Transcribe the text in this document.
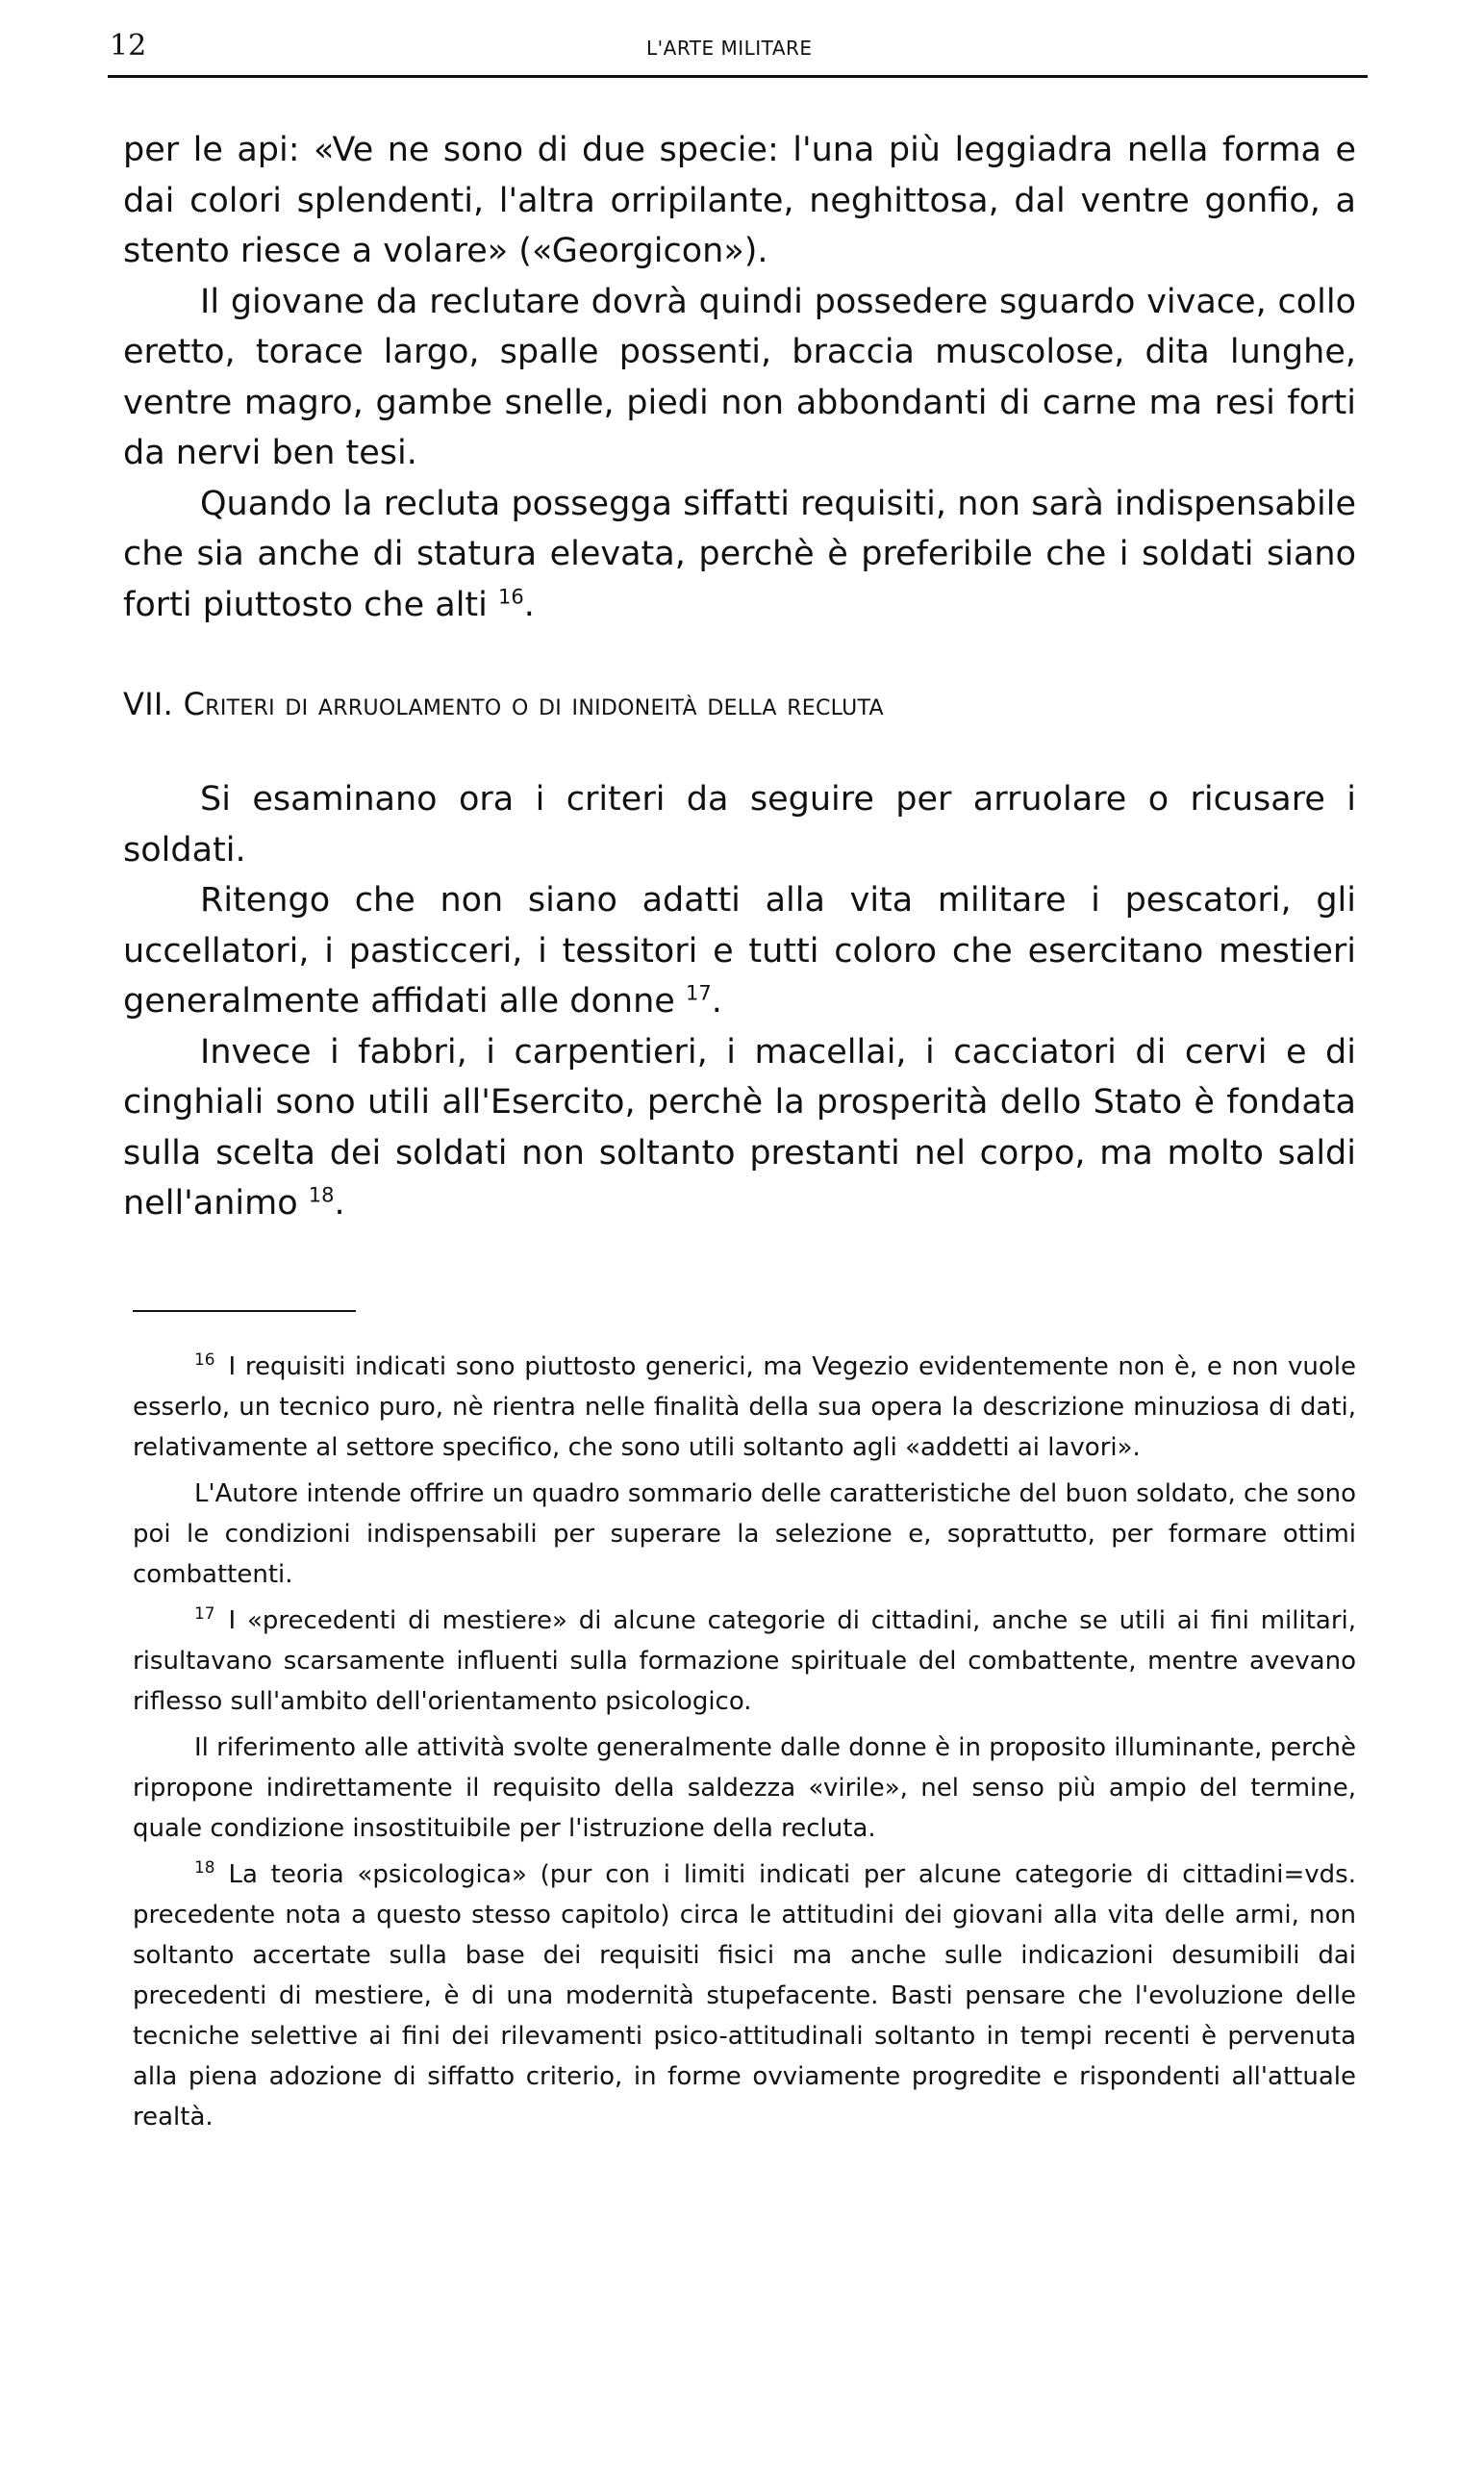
12	L'ARTE MILITARE

per le api: «Ve ne sono di due specie: l'una più leggiadra nella forma e dai colori splendenti, l'altra orripilante, neghittosa, dal ventre gonfio, a stento riesce a volare» («Georgicon»).

Il giovane da reclutare dovrà quindi possedere sguardo vivace, collo eretto, torace largo, spalle possenti, braccia muscolose, dita lunghe, ventre magro, gambe snelle, piedi non abbondanti di carne ma resi forti da nervi ben tesi.

Quando la recluta possegga siffatti requisiti, non sarà indispensabile che sia anche di statura elevata, perchè è preferibile che i soldati siano forti piuttosto che alti $^{16}$.

VII. Criteri di arruolamento o di inidoneità della recluta

Si esaminano ora i criteri da seguire per arruolare o ricusare i soldati.

Ritengo che non siano adatti alla vita militare i pescatori, gli uccellatori, i pasticceri, i tessitori e tutti coloro che esercitano mestieri generalmente affidati alle donne $^{17}$.

Invece i fabbri, i carpentieri, i macellai, i cacciatori di cervi e di cinghiali sono utili all'Esercito, perchè la prosperità dello Stato è fondata sulla scelta dei soldati non soltanto prestanti nel corpo, ma molto saldi nell'animo $^{18}$.

$^{16}$ I requisiti indicati sono piuttosto generici, ma Vegezio evidentemente non è, e non vuole esserlo, un tecnico puro, nè rientra nelle finalità della sua opera la descrizione minuziosa di dati, relativamente al settore specifico, che sono utili soltanto agli «addetti ai lavori».

L'Autore intende offrire un quadro sommario delle caratteristiche del buon soldato, che sono poi le condizioni indispensabili per superare la selezione e, soprattutto, per formare ottimi combattenti.

$^{17}$ I «precedenti di mestiere» di alcune categorie di cittadini, anche se utili ai fini militari, risultavano scarsamente influenti sulla formazione spirituale del combattente, mentre avevano riflesso sull'ambito dell'orientamento psicologico.

Il riferimento alle attività svolte generalmente dalle donne è in proposito illuminante, perchè ripropone indirettamente il requisito della saldezza «virile», nel senso più ampio del termine, quale condizione insostituibile per l'istruzione della recluta.

$^{18}$ La teoria «psicologica» (pur con i limiti indicati per alcune categorie di cittadini=vds. precedente nota a questo stesso capitolo) circa le attitudini dei giovani alla vita delle armi, non soltanto accertate sulla base dei requisiti fisici ma anche sulle indicazioni desumibili dai precedenti di mestiere, è di una modernità stupefacente. Basti pensare che l'evoluzione delle tecniche selettive ai fini dei rilevamenti psico-attitudinali soltanto in tempi recenti è pervenuta alla piena adozione di siffatto criterio, in forme ovviamente progredite e rispondenti all'attuale realtà.
